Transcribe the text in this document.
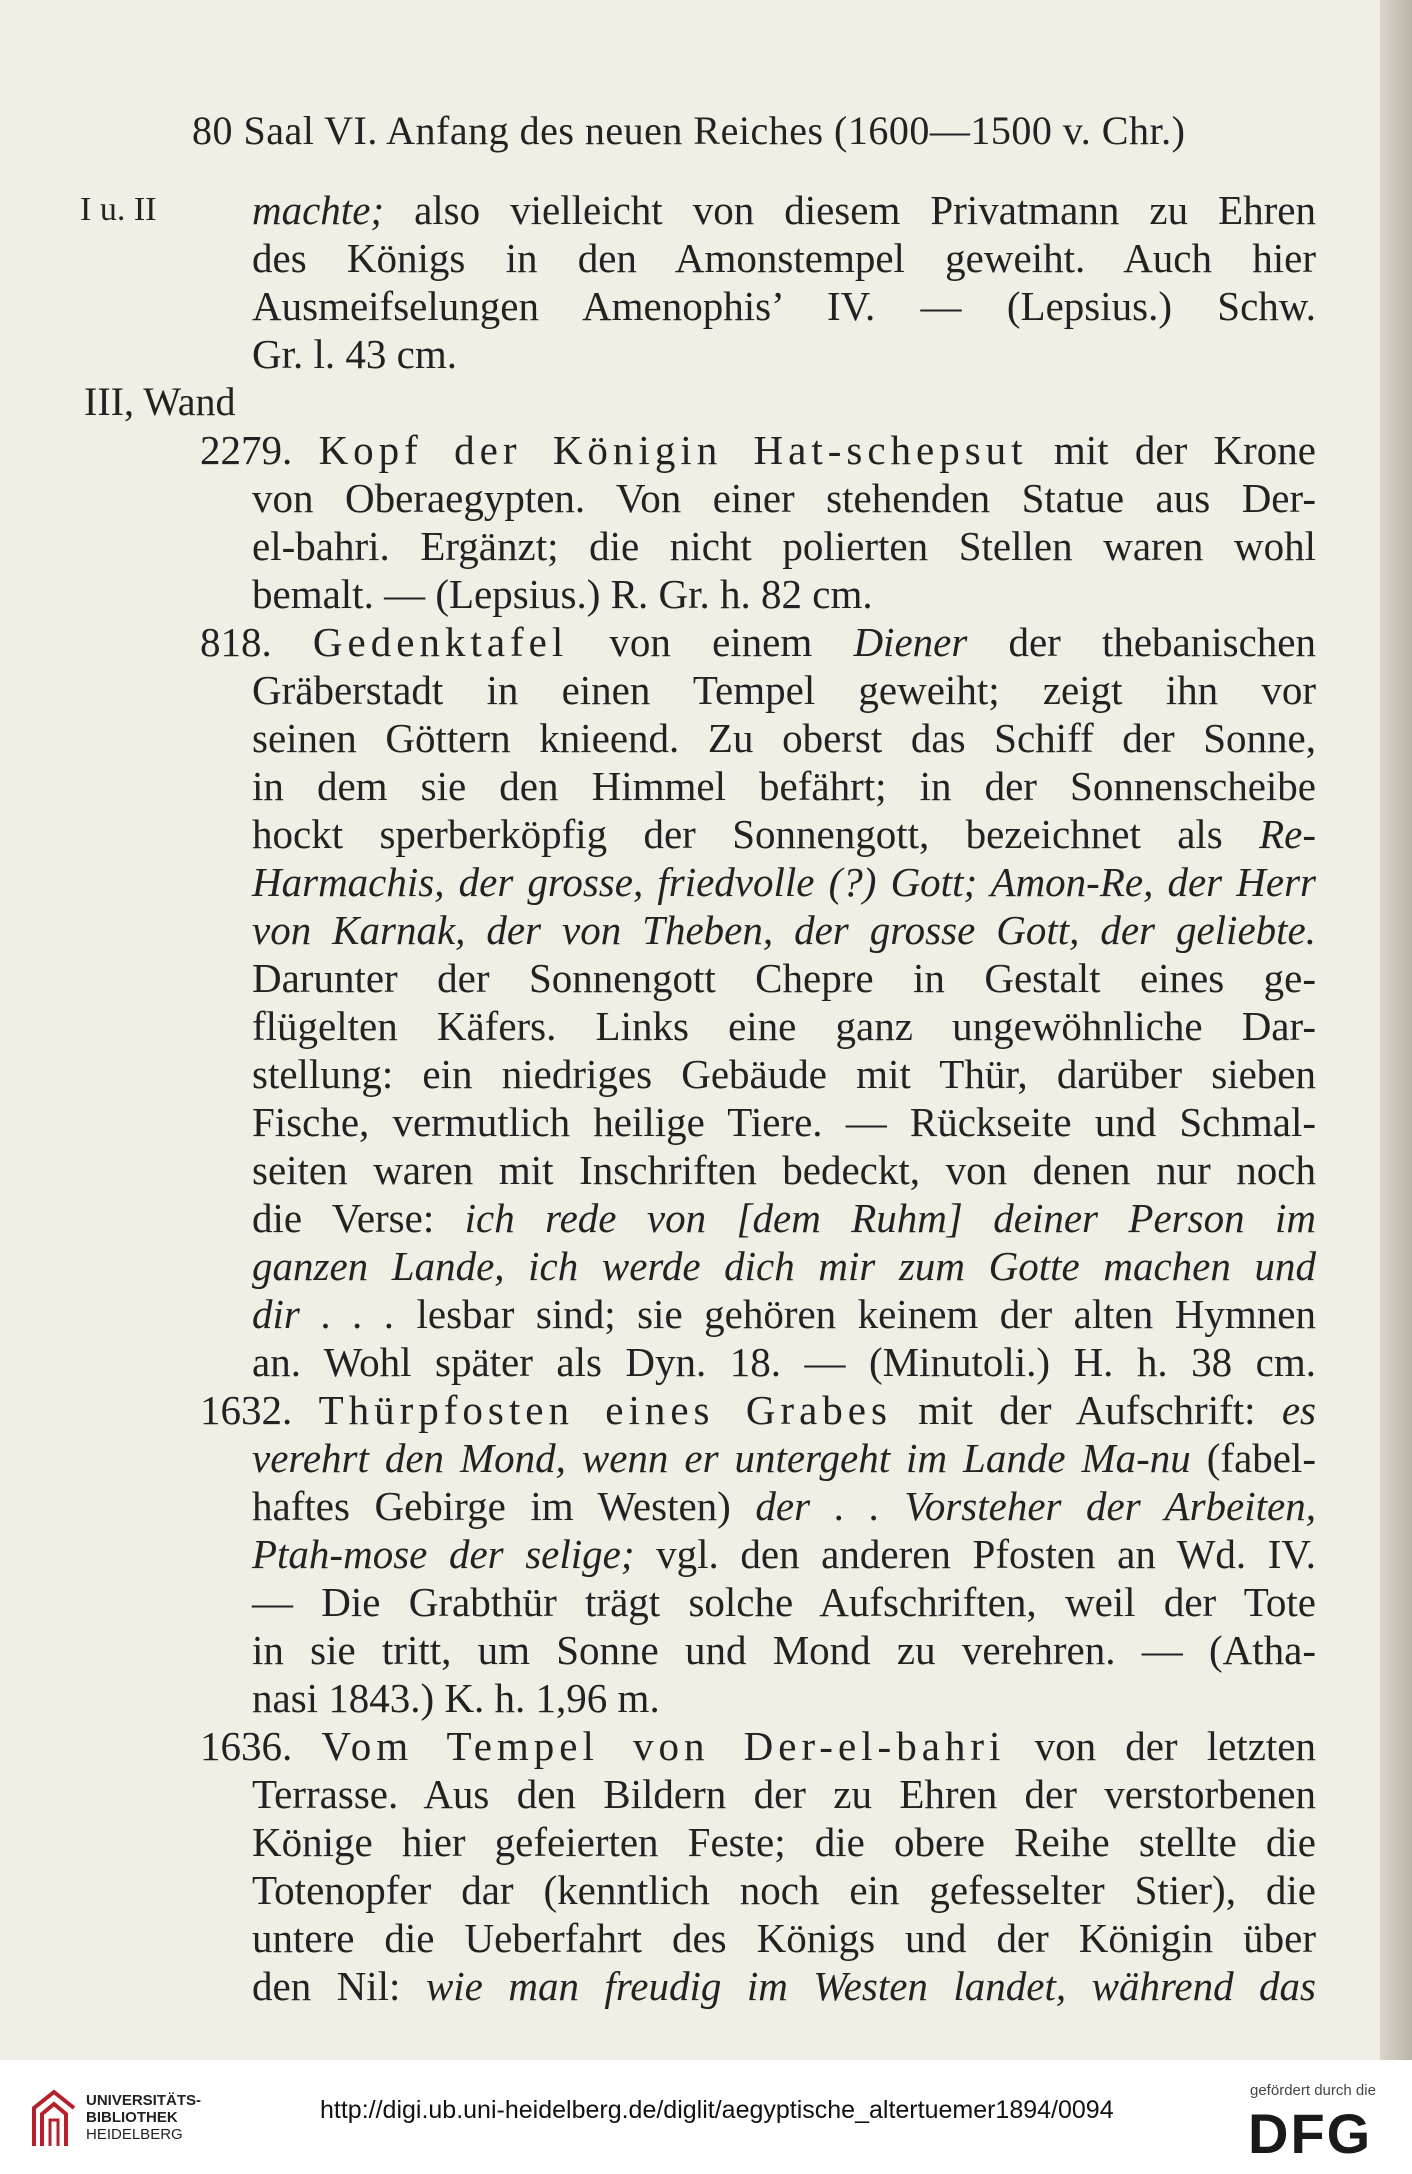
80 Saal VI. Anfang des neuen Reiches (1600—1500 v. Chr.)
I u. II machte; also vielleicht von diesem Privatmann zu Ehren
des Königs in den Amonstempel geweiht. Auch hier
Ausmeifselungen Amenophis’ IV. — (Lepsius.) Schw.
Gr. l. 43 cm.
III, Wand
2279. Kopf der Königin Hat-schepsut mit der Krone
von Oberaegypten. Von einer stehenden Statue aus Der-
el-bahri. Ergänzt; die nicht polierten Stellen waren wohl
bemalt. — (Lepsius.) R. Gr. h. 82 cm.
818. Gedenktafel von einem Diener der thebanischen
Gräberstadt in einen Tempel geweiht; zeigt ihn vor
seinen Göttern knieend. Zu oberst das Schiff der Sonne,
in dem sie den Himmel befährt; in der Sonnenscheibe
hockt sperberköpfig der Sonnengott, bezeichnet als Re-
Harmachis, der grosse, friedvolle (?) Gott; Amon-Re, der Herr
von Karnak, der von Theben, der grosse Gott, der geliebte.
Darunter der Sonnengott Chepre in Gestalt eines ge-
flügelten Käfers. Links eine ganz ungewöhnliche Dar-
stellung: ein niedriges Gebäude mit Thür, darüber sieben
Fische, vermutlich heilige Tiere. — Rückseite und Schmal-
seiten waren mit Inschriften bedeckt, von denen nur noch
die Verse: ich rede von [dem Ruhm] deiner Person im
ganzen Lande, ich werde dich mir zum Gotte machen und
dir . . . lesbar sind; sie gehören keinem der alten Hymnen
an. Wohl später als Dyn. 18. — (Minutoli.) H. h. 38 cm.
1632. Thürpfosten eines Grabes mit der Aufschrift: es
verehrt den Mond, wenn er untergeht im Lande Ma-nu (fabel-
haftes Gebirge im Westen) der . . Vorsteher der Arbeiten,
Ptah-mose der selige; vgl. den anderen Pfosten an Wd. IV.
— Die Grabthür trägt solche Aufschriften, weil der Tote
in sie tritt, um Sonne und Mond zu verehren. — (Atha-
nasi 1843.) K. h. 1,96 m.
1636. Vom Tempel von Der-el-bahri von der letzten
Terrasse. Aus den Bildern der zu Ehren der verstorbenen
Könige hier gefeierten Feste; die obere Reihe stellte die
Totenopfer dar (kenntlich noch ein gefesselter Stier), die
untere die Ueberfahrt des Königs und der Königin über
den Nil: wie man freudig im Westen landet, während das
UNIVERSITÄTS-
BIBLIOTHEK
HEIDELBERG
http://digi.ub.uni-heidelberg.de/diglit/aegyptische_altertuemer1894/0094
gefördert durch die
DFG
